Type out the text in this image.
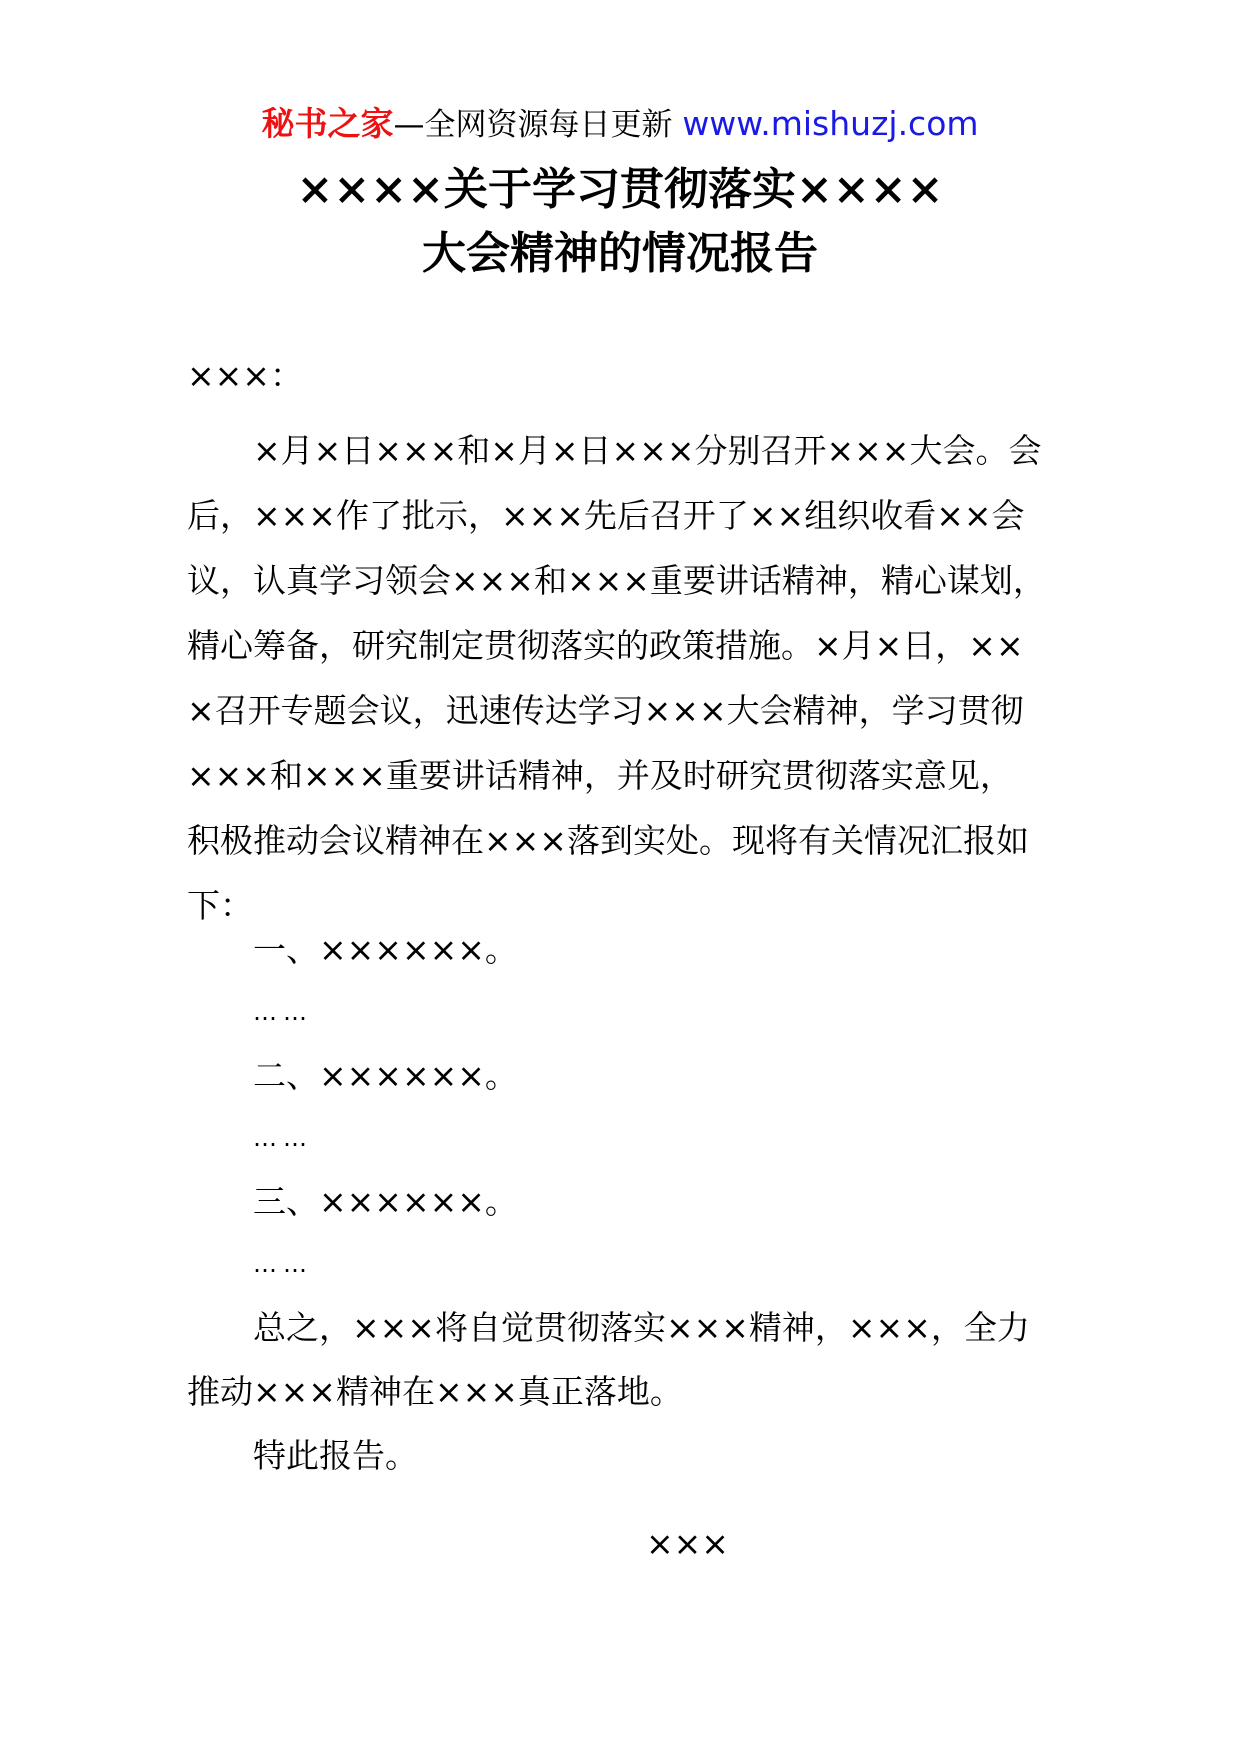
秘书之家—全网资源每日更新 www.mishuzj.com
××××关于学习贯彻落实××××
大会精神的情况报告
×××：
×月×日×××和×月×日×××分别召开×××大会。会
后，×××作了批示，×××先后召开了××组织收看××会
议，认真学习领会×××和×××重要讲话精神，精心谋划，
精心筹备，研究制定贯彻落实的政策措施。×月×日，××
×召开专题会议，迅速传达学习×××大会精神，学习贯彻
×××和×××重要讲话精神，并及时研究贯彻落实意见，
积极推动会议精神在×××落到实处。现将有关情况汇报如
下：
一、××××××。
……
二、××××××。
……
三、××××××。
……
总之，×××将自觉贯彻落实×××精神，×××，全力
推动×××精神在×××真正落地。
特此报告。
×××
